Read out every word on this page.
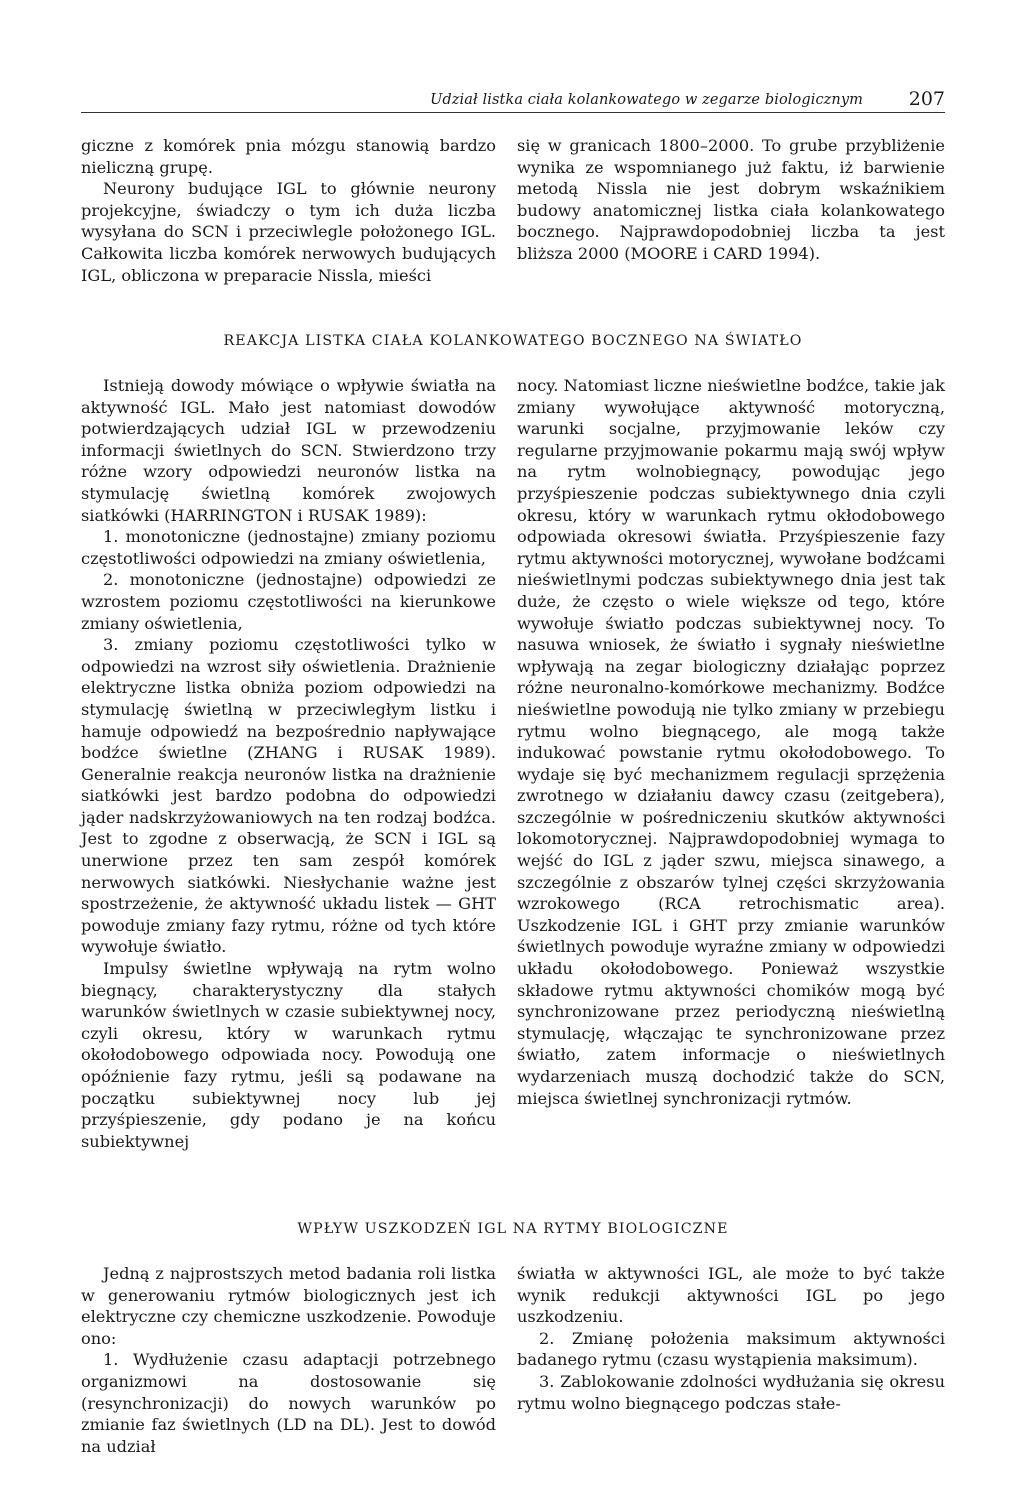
Udział listka ciała kolankowatego w zegarze biologicznym 207

giczne z komórek pnia mózgu stanowią bardzo nieliczną grupę.

Neurony budujące IGL to głównie neurony projekcyjne, świadczy o tym ich duża liczba wysyłana do SCN i przeciwlegle położonego IGL. Całkowita liczba komórek nerwowych budujących IGL, obliczona w preparacie Nissla, mieści

się w granicach 1800–2000. To grube przybliżenie wynika ze wspomnianego już faktu, iż barwienie metodą Nissla nie jest dobrym wskaźnikiem budowy anatomicznej listka ciała kolankowatego bocznego. Najprawdopodobniej liczba ta jest bliższa 2000 (MOORE i CARD 1994).

REAKCJA LISTKA CIAŁA KOLANKOWATEGO BOCZNEGO NA ŚWIATŁO

Istnieją dowody mówiące o wpływie światła na aktywność IGL. Mało jest natomiast dowodów potwierdzających udział IGL w przewodzeniu informacji świetlnych do SCN. Stwierdzono trzy różne wzory odpowiedzi neuronów listka na stymulację świetlną komórek zwojowych siatkówki (HARRINGTON i RUSAK 1989):

1. monotoniczne (jednostajne) zmiany poziomu częstotliwości odpowiedzi na zmiany oświetlenia,

2. monotoniczne (jednostajne) odpowiedzi ze wzrostem poziomu częstotliwości na kierunkowe zmiany oświetlenia,

3. zmiany poziomu częstotliwości tylko w odpowiedzi na wzrost siły oświetlenia. Drażnienie elektryczne listka obniża poziom odpowiedzi na stymulację świetlną w przeciwległym listku i hamuje odpowiedź na bezpośrednio napływające bodźce świetlne (ZHANG i RUSAK 1989). Generalnie reakcja neuronów listka na drażnienie siatkówki jest bardzo podobna do odpowiedzi jąder nadskrzyżowaniowych na ten rodzaj bodźca. Jest to zgodne z obserwacją, że SCN i IGL są unerwione przez ten sam zespół komórek nerwowych siatkówki. Niesłychanie ważne jest spostrzeżenie, że aktywność układu listek — GHT powoduje zmiany fazy rytmu, różne od tych które wywołuje światło.

Impulsy świetlne wpływają na rytm wolno biegnący, charakterystyczny dla stałych warunków świetlnych w czasie subiektywnej nocy, czyli okresu, który w warunkach rytmu okołodobowego odpowiada nocy. Powodują one opóźnienie fazy rytmu, jeśli są podawane na początku subiektywnej nocy lub jej przyśpieszenie, gdy podano je na końcu subiektywnej

nocy. Natomiast liczne nieświetlne bodźce, takie jak zmiany wywołujące aktywność motoryczną, warunki socjalne, przyjmowanie leków czy regularne przyjmowanie pokarmu mają swój wpływ na rytm wolnobiegnący, powodując jego przyśpieszenie podczas subiektywnego dnia czyli okresu, który w warunkach rytmu okłodobowego odpowiada okresowi światła. Przyśpieszenie fazy rytmu aktywności motorycznej, wywołane bodźcami nieświetlnymi podczas subiektywnego dnia jest tak duże, że często o wiele większe od tego, które wywołuje światło podczas subiektywnej nocy. To nasuwa wniosek, że światło i sygnały nieświetlne wpływają na zegar biologiczny działając poprzez różne neuronalno-komórkowe mechanizmy. Bodźce nieświetlne powodują nie tylko zmiany w przebiegu rytmu wolno biegnącego, ale mogą także indukować powstanie rytmu okołodobowego. To wydaje się być mechanizmem regulacji sprzężenia zwrotnego w działaniu dawcy czasu (zeitgebera), szczególnie w pośredniczeniu skutków aktywności lokomotorycznej. Najprawdopodobniej wymaga to wejść do IGL z jąder szwu, miejsca sinawego, a szczególnie z obszarów tylnej części skrzyżowania wzrokowego (RCA retrochismatic area). Uszkodzenie IGL i GHT przy zmianie warunków świetlnych powoduje wyraźne zmiany w odpowiedzi układu okołodobowego. Ponieważ wszystkie składowe rytmu aktywności chomików mogą być synchronizowane przez periodyczną nieświetlną stymulację, włączając te synchronizowane przez światło, zatem informacje o nieświetlnych wydarzeniach muszą dochodzić także do SCN, miejsca świetlnej synchronizacji rytmów.

WPŁYW USZKODZEŃ IGL NA RYTMY BIOLOGICZNE

Jedną z najprostszych metod badania roli listka w generowaniu rytmów biologicznych jest ich elektryczne czy chemiczne uszkodzenie. Powoduje ono:

1. Wydłużenie czasu adaptacji potrzebnego organizmowi na dostosowanie się (resynchronizacji) do nowych warunków po zmianie faz świetlnych (LD na DL). Jest to dowód na udział

światła w aktywności IGL, ale może to być także wynik redukcji aktywności IGL po jego uszkodzeniu.

2. Zmianę położenia maksimum aktywności badanego rytmu (czasu wystąpienia maksimum).

3. Zablokowanie zdolności wydłużania się okresu rytmu wolno biegnącego podczas stałe-
